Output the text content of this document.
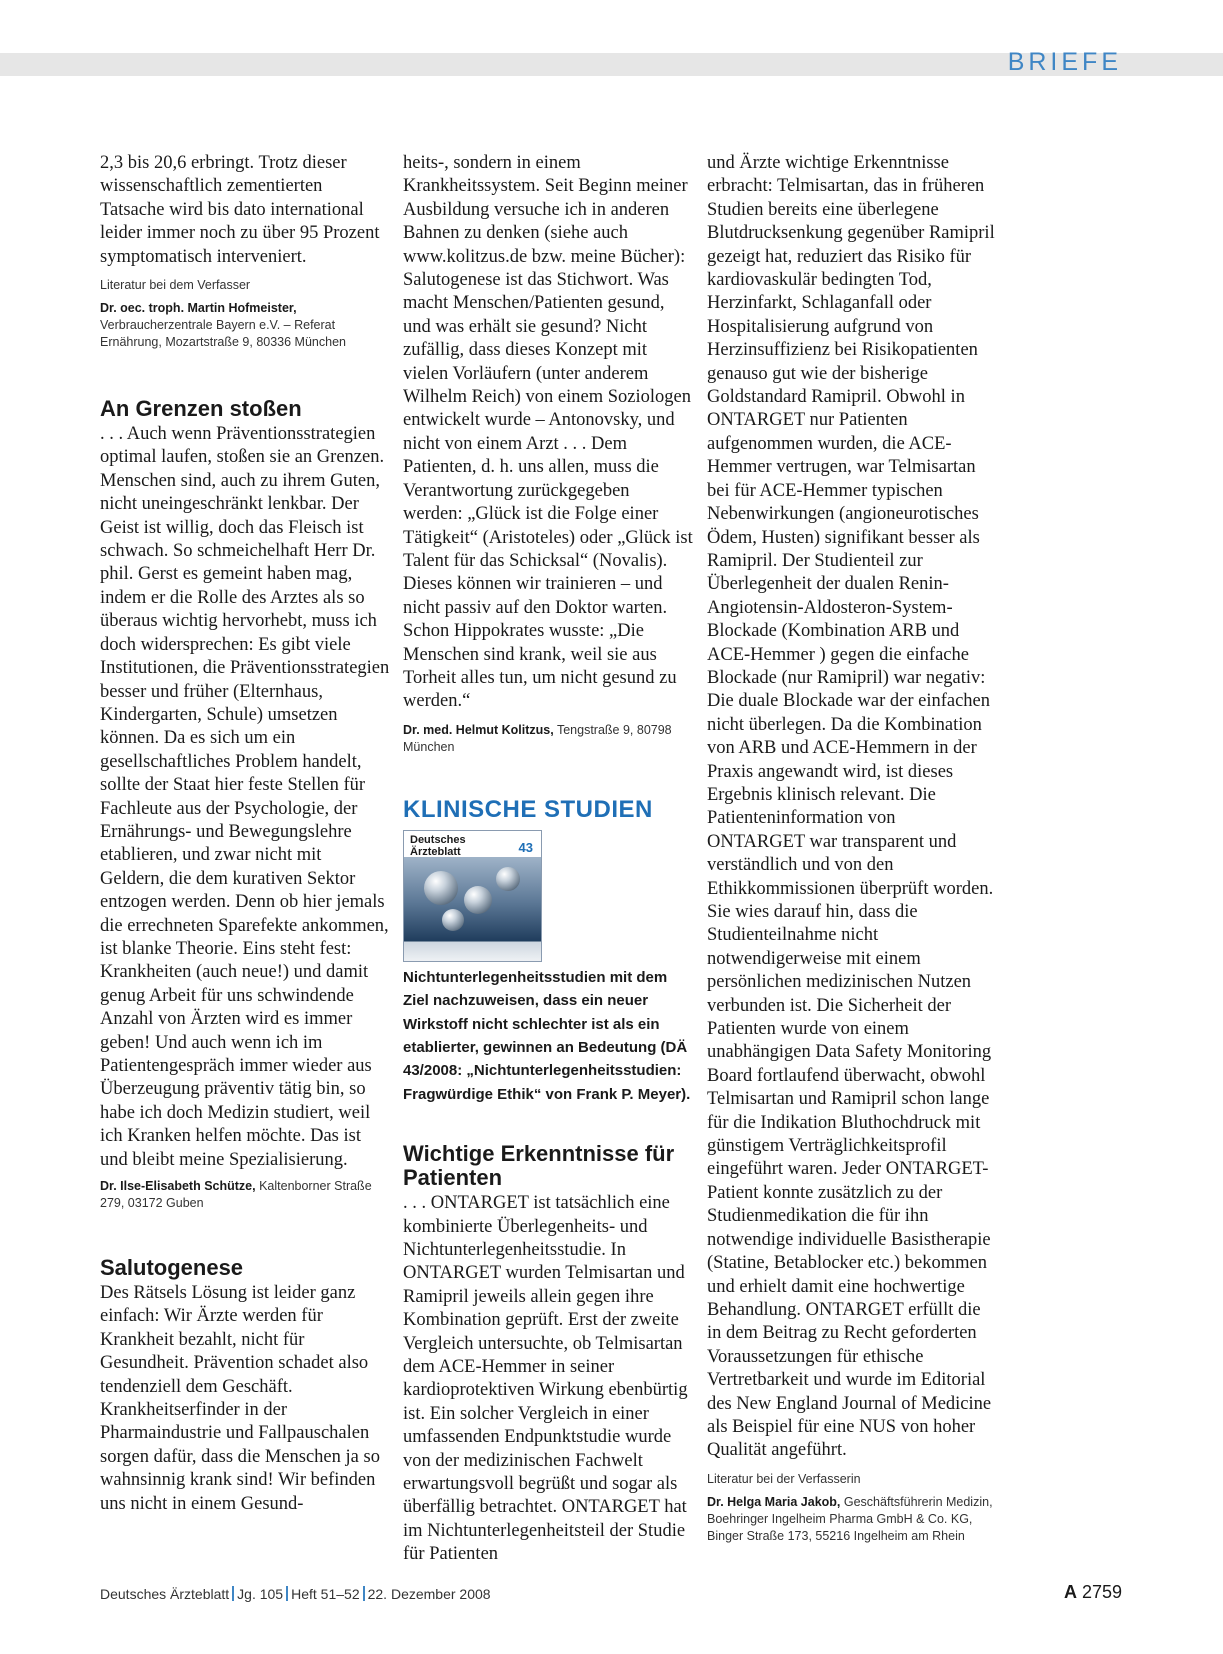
BRIEFE

2,3 bis 20,6 erbringt. Trotz dieser wissenschaftlich zementierten Tatsache wird bis dato international leider immer noch zu über 95 Prozent symptomatisch interveniert.

Literatur bei dem Verfasser

Dr. oec. troph. Martin Hofmeister, Verbraucherzentrale Bayern e.V. – Referat Ernährung, Mozartstraße 9, 80336 München
An Grenzen stoßen

. . . Auch wenn Präventionsstrategien optimal laufen, stoßen sie an Grenzen. Menschen sind, auch zu ihrem Guten, nicht uneingeschränkt lenkbar. Der Geist ist willig, doch das Fleisch ist schwach. So schmeichelhaft Herr Dr. phil. Gerst es gemeint haben mag, indem er die Rolle des Arztes als so überaus wichtig hervorhebt, muss ich doch widersprechen: Es gibt viele Institutionen, die Präventionsstrategien besser und früher (Elternhaus, Kindergarten, Schule) umsetzen können. Da es sich um ein gesellschaftliches Problem handelt, sollte der Staat hier feste Stellen für Fachleute aus der Psychologie, der Ernährungs- und Bewegungslehre etablieren, und zwar nicht mit Geldern, die dem kurativen Sektor entzogen werden. Denn ob hier jemals die errechneten Sparefekte ankommen, ist blanke Theorie. Eins steht fest: Krankheiten (auch neue!) und damit genug Arbeit für uns schwindende Anzahl von Ärzten wird es immer geben! Und auch wenn ich im Patientengespräch immer wieder aus Überzeugung präventiv tätig bin, so habe ich doch Medizin studiert, weil ich Kranken helfen möchte. Das ist und bleibt meine Spezialisierung.

Dr. Ilse-Elisabeth Schütze, Kaltenborner Straße 279, 03172 Guben
Salutogenese

Des Rätsels Lösung ist leider ganz einfach: Wir Ärzte werden für Krankheit bezahlt, nicht für Gesundheit. Prävention schadet also tendenziell dem Geschäft. Krankheitserfinder in der Pharmaindustrie und Fallpauschalen sorgen dafür, dass die Menschen ja so wahnsinnig krank sind! Wir befinden uns nicht in einem Gesund-

heits-, sondern in einem Krankheitssystem. Seit Beginn meiner Ausbildung versuche ich in anderen Bahnen zu denken (siehe auch www.kolitzus.de bzw. meine Bücher): Salutogenese ist das Stichwort. Was macht Menschen/Patienten gesund, und was erhält sie gesund? Nicht zufällig, dass dieses Konzept mit vielen Vorläufern (unter anderem Wilhelm Reich) von einem Soziologen entwickelt wurde – Antonovsky, und nicht von einem Arzt . . . Dem Patienten, d. h. uns allen, muss die Verantwortung zurückgegeben werden: „Glück ist die Folge einer Tätigkeit“ (Aristoteles) oder „Glück ist Talent für das Schicksal“ (Novalis). Dieses können wir trainieren – und nicht passiv auf den Doktor warten. Schon Hippokrates wusste: „Die Menschen sind krank, weil sie aus Torheit alles tun, um nicht gesund zu werden.“

Dr. med. Helmut Kolitzus, Tengstraße 9, 80798 München
KLINISCHE STUDIEN
Deutsches
Ärzteblatt	43

Nichtunterlegenheitsstudien mit dem Ziel nachzuweisen, dass ein neuer Wirkstoff nicht schlechter ist als ein etablierter, gewinnen an Bedeutung (DÄ 43/2008: „Nichtunterlegenheitsstudien: Fragwürdige Ethik“ von Frank P. Meyer).

Wichtige Erkenntnisse für Patienten

. . . ONTARGET ist tatsächlich eine kombinierte Überlegenheits- und Nichtunterlegenheitsstudie. In ONTARGET wurden Telmisartan und Ramipril jeweils allein gegen ihre Kombination geprüft. Erst der zweite Vergleich untersuchte, ob Telmisartan dem ACE-Hemmer in seiner kardioprotektiven Wirkung ebenbürtig ist. Ein solcher Vergleich in einer umfassenden Endpunktstudie wurde von der medizinischen Fachwelt erwartungsvoll begrüßt und sogar als überfällig betrachtet. ONTARGET hat im Nichtunterlegenheitsteil der Studie für Patienten

und Ärzte wichtige Erkenntnisse erbracht: Telmisartan, das in früheren Studien bereits eine überlegene Blutdrucksenkung gegenüber Ramipril gezeigt hat, reduziert das Risiko für kardiovaskulär bedingten Tod, Herzinfarkt, Schlaganfall oder Hospitalisierung aufgrund von Herzinsuffizienz bei Risikopatienten genauso gut wie der bisherige Goldstandard Ramipril. Obwohl in ONTARGET nur Patienten aufgenommen wurden, die ACE-Hemmer vertrugen, war Telmisartan bei für ACE-Hemmer typischen Nebenwirkungen (angioneurotisches Ödem, Husten) signifikant besser als Ramipril. Der Studienteil zur Überlegenheit der dualen Renin-Angiotensin-Aldosteron-System-Blockade (Kombination ARB und ACE-Hemmer ) gegen die einfache Blockade (nur Ramipril) war negativ: Die duale Blockade war der einfachen nicht überlegen. Da die Kombination von ARB und ACE-Hemmern in der Praxis angewandt wird, ist dieses Ergebnis klinisch relevant. Die Patienteninformation von ONTARGET war transparent und verständlich und von den Ethikkommissionen überprüft worden. Sie wies darauf hin, dass die Studienteilnahme nicht notwendigerweise mit einem persönlichen medizinischen Nutzen verbunden ist. Die Sicherheit der Patienten wurde von einem unabhängigen Data Safety Monitoring Board fortlaufend überwacht, obwohl Telmisartan und Ramipril schon lange für die Indikation Bluthochdruck mit günstigem Verträglichkeitsprofil eingeführt waren. Jeder ONTARGET-Patient konnte zusätzlich zu der Studienmedikation die für ihn notwendige individuelle Basistherapie (Statine, Betablocker etc.) bekommen und erhielt damit eine hochwertige Behandlung. ONTARGET erfüllt die in dem Beitrag zu Recht geforderten Voraussetzungen für ethische Vertretbarkeit und wurde im Editorial des New England Journal of Medicine als Beispiel für eine NUS von hoher Qualität angeführt.

Literatur bei der Verfasserin

Dr. Helga Maria Jakob, Geschäftsführerin Medizin, Boehringer Ingelheim Pharma GmbH & Co. KG, Binger Straße 173, 55216 Ingelheim am Rhein
Deutsches Ärzteblatt Jg. 105 Heft 51–52 22. Dezember 2008	A 2759
